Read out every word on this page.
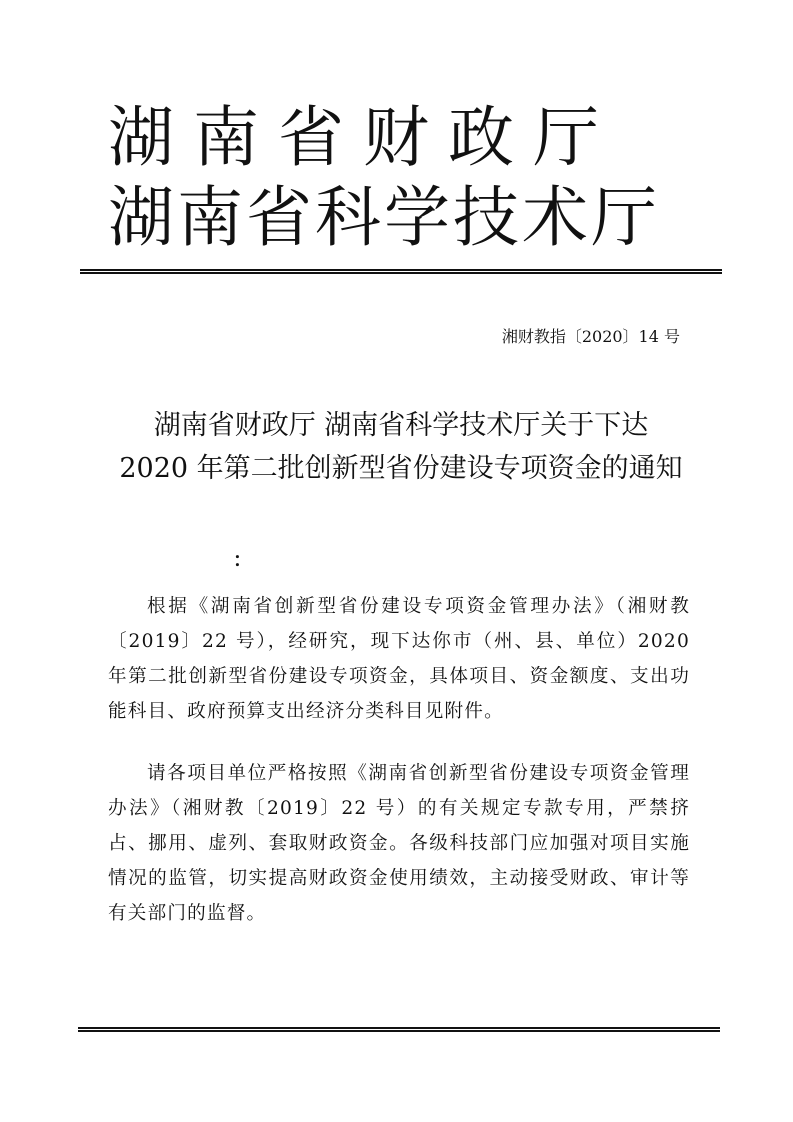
湖南省财政厅
湖南省科学技术厅
湘财教指〔2020〕14 号
湖南省财政厅 湖南省科学技术厅关于下达
2020 年第二批创新型省份建设专项资金的通知
：

根据《湖南省创新型省份建设专项资金管理办法》（湘财教〔2019〕22 号），经研究，现下达你市（州、县、单位）2020 年第二批创新型省份建设专项资金，具体项目、资金额度、支出功能科目、政府预算支出经济分类科目见附件。

请各项目单位严格按照《湖南省创新型省份建设专项资金管理办法》（湘财教〔2019〕22 号）的有关规定专款专用，严禁挤占、挪用、虚列、套取财政资金。各级科技部门应加强对项目实施情况的监管，切实提高财政资金使用绩效，主动接受财政、审计等有关部门的监督。
